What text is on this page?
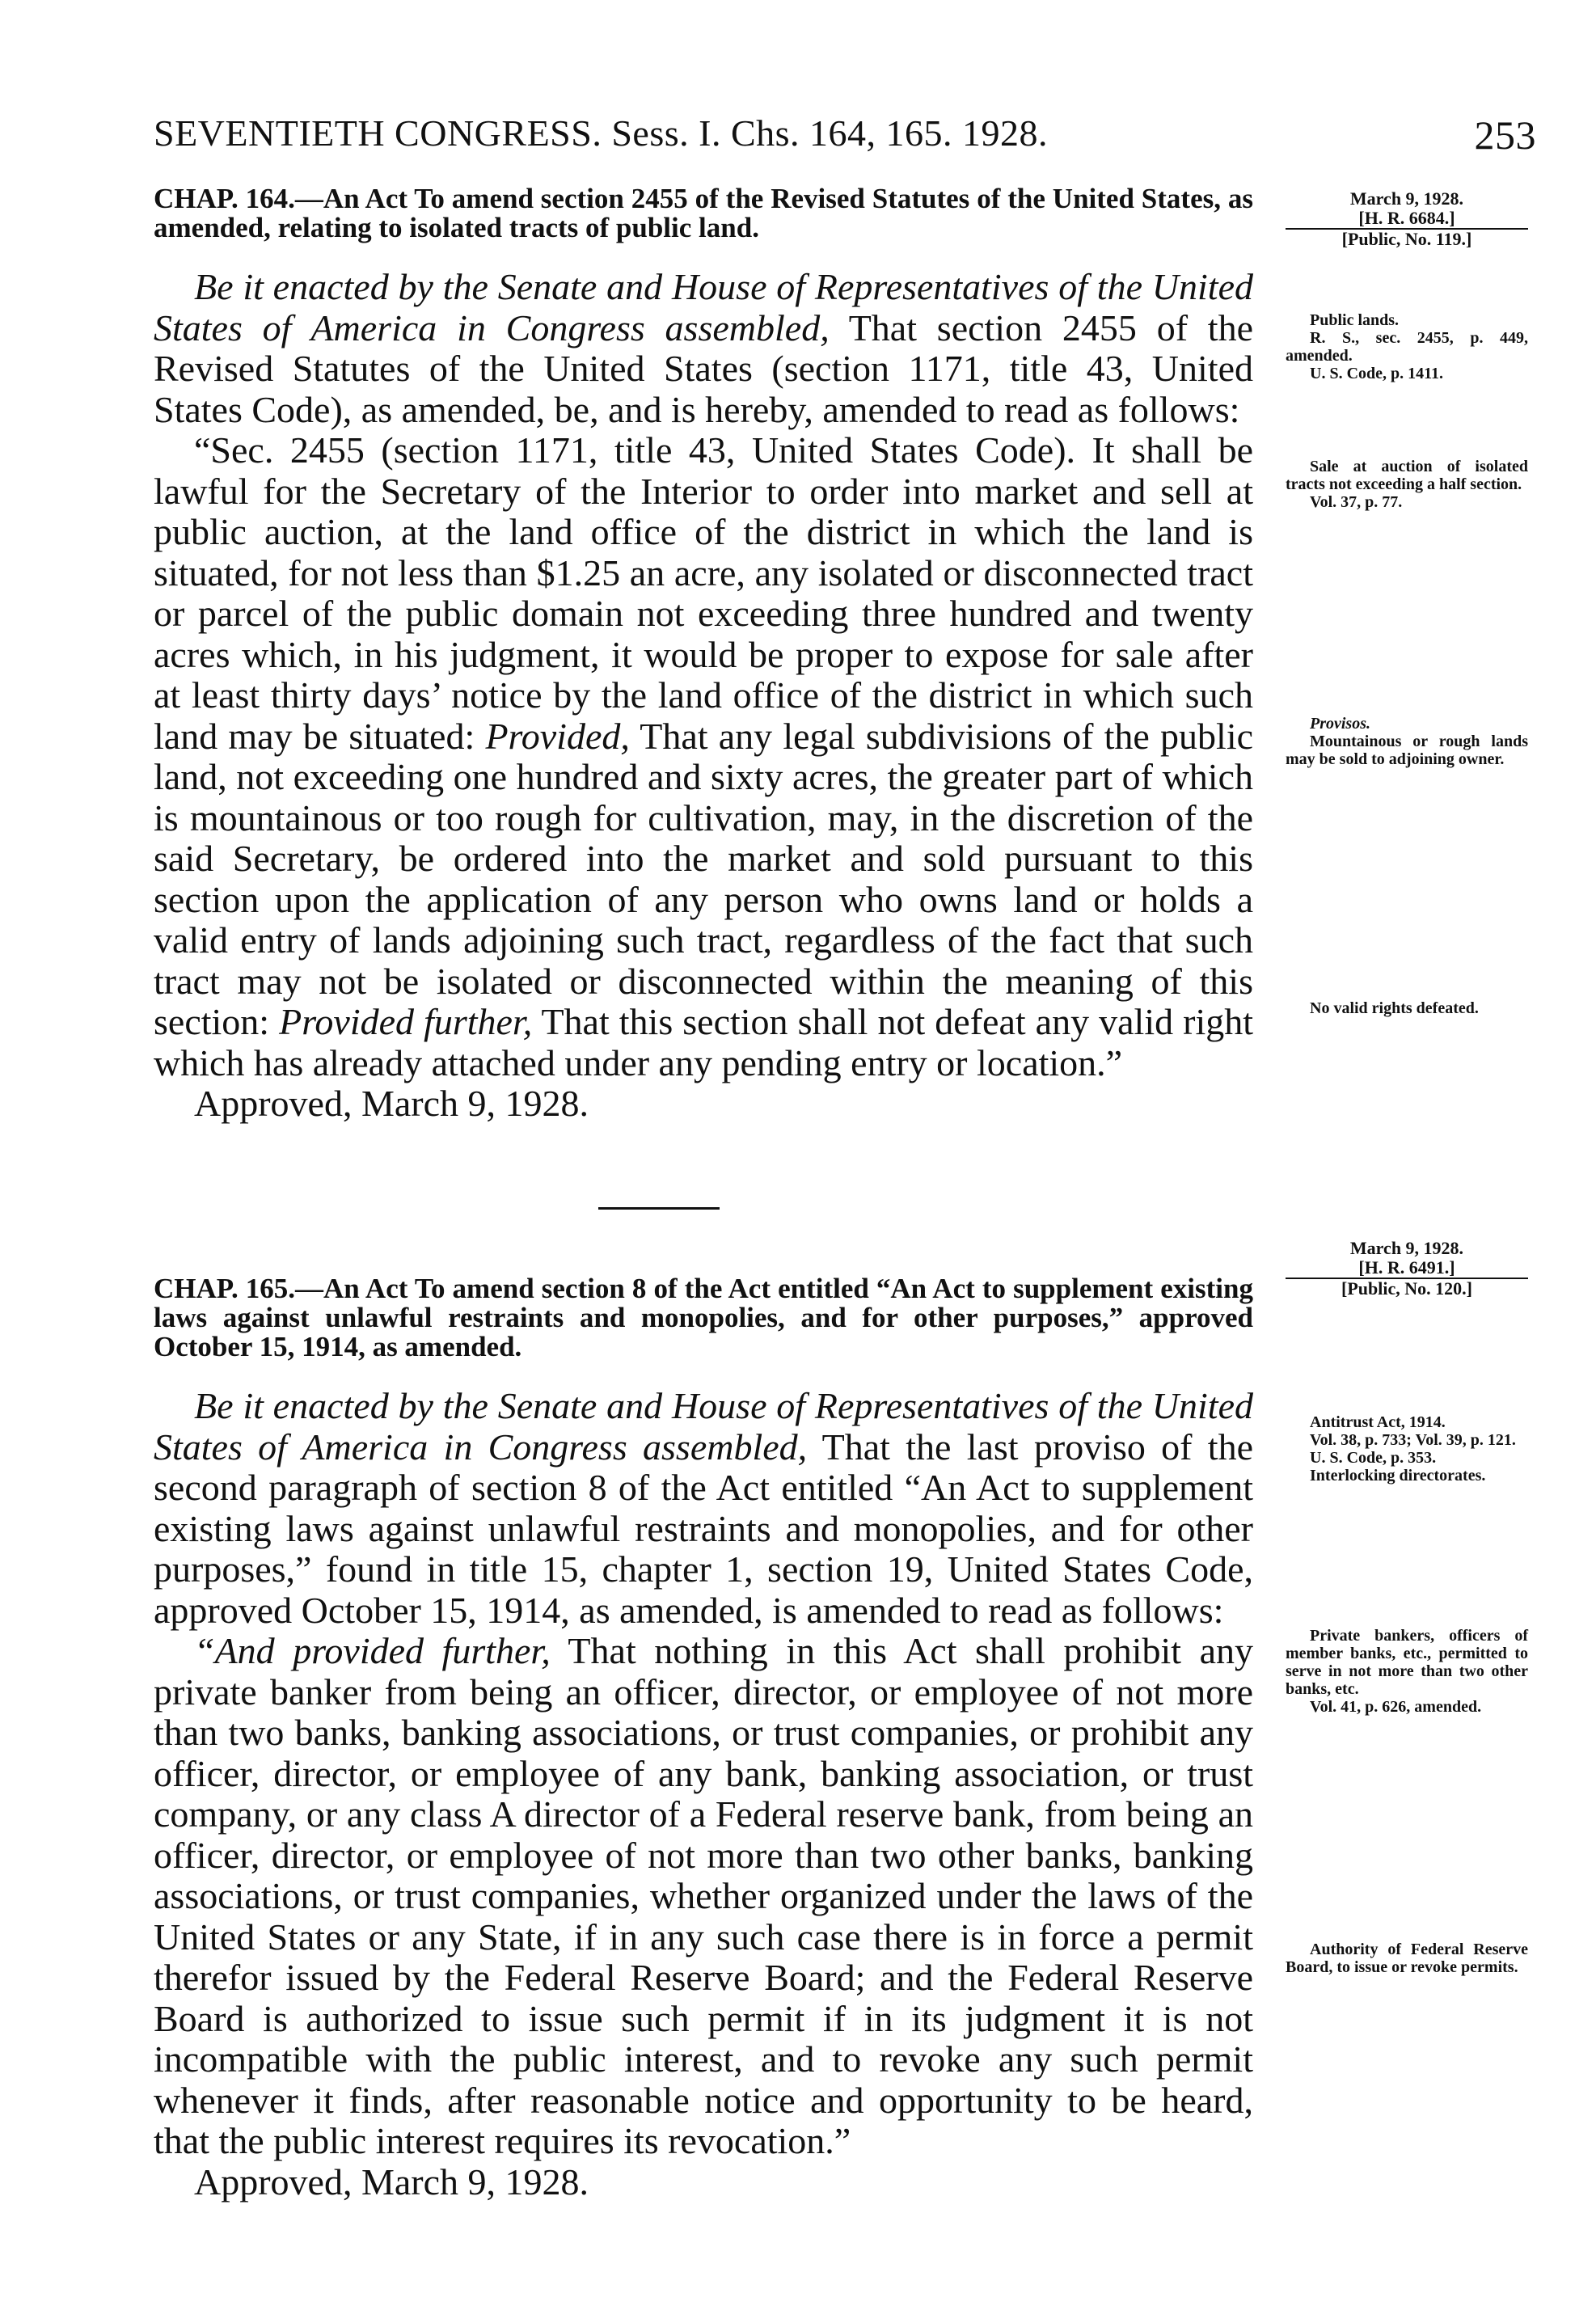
SEVENTIETH CONGRESS. Sess. I. Chs. 164, 165. 1928.	253
CHAP. 164.—An Act To amend section 2455 of the Revised Statutes of the United States, as amended, relating to isolated tracts of public land.

Be it enacted by the Senate and House of Representatives of the United States of America in Congress assembled, That section 2455 of the Revised Statutes of the United States (section 1171, title 43, United States Code), as amended, be, and is hereby, amended to read as follows:

“Sec. 2455 (section 1171, title 43, United States Code). It shall be lawful for the Secretary of the Interior to order into market and sell at public auction, at the land office of the district in which the land is situated, for not less than $1.25 an acre, any isolated or disconnected tract or parcel of the public domain not exceeding three hundred and twenty acres which, in his judgment, it would be proper to expose for sale after at least thirty days’ notice by the land office of the district in which such land may be situated: Provided, That any legal subdivisions of the public land, not exceeding one hundred and sixty acres, the greater part of which is mountainous or too rough for cultivation, may, in the discretion of the said Secretary, be ordered into the market and sold pursuant to this section upon the application of any person who owns land or holds a valid entry of lands adjoining such tract, regardless of the fact that such tract may not be isolated or disconnected within the meaning of this section: Provided further, That this section shall not defeat any valid right which has already attached under any pending entry or location.”

Approved, March 9, 1928.
March 9, 1928.
[H. R. 6684.]
[Public, No. 119.]

Public lands.

R. S., sec. 2455, p. 449, amended.

U. S. Code, p. 1411.

Sale at auction of isolated tracts not exceeding a half section.

Vol. 37, p. 77.

Provisos.

Mountainous or rough lands may be sold to adjoining owner.

No valid rights defeated.

CHAP. 165.—An Act To amend section 8 of the Act entitled “An Act to supplement existing laws against unlawful restraints and monopolies, and for other purposes,” approved October 15, 1914, as amended.

Be it enacted by the Senate and House of Representatives of the United States of America in Congress assembled, That the last proviso of the second paragraph of section 8 of the Act entitled “An Act to supplement existing laws against unlawful restraints and monopolies, and for other purposes,” found in title 15, chapter 1, section 19, United States Code, approved October 15, 1914, as amended, is amended to read as follows:

“And provided further, That nothing in this Act shall prohibit any private banker from being an officer, director, or employee of not more than two banks, banking associations, or trust companies, or prohibit any officer, director, or employee of any bank, banking association, or trust company, or any class A director of a Federal reserve bank, from being an officer, director, or employee of not more than two other banks, banking associations, or trust companies, whether organized under the laws of the United States or any State, if in any such case there is in force a permit therefor issued by the Federal Reserve Board; and the Federal Reserve Board is authorized to issue such permit if in its judgment it is not incompatible with the public interest, and to revoke any such permit whenever it finds, after reasonable notice and opportunity to be heard, that the public interest requires its revocation.”

Approved, March 9, 1928.
March 9, 1928.
[H. R. 6491.]
[Public, No. 120.]

Antitrust Act, 1914.

Vol. 38, p. 733; Vol. 39, p. 121.

U. S. Code, p. 353.

Interlocking directorates.

Private bankers, officers of member banks, etc., permitted to serve in not more than two other banks, etc.

Vol. 41, p. 626, amended.

Authority of Federal Reserve Board, to issue or revoke permits.
